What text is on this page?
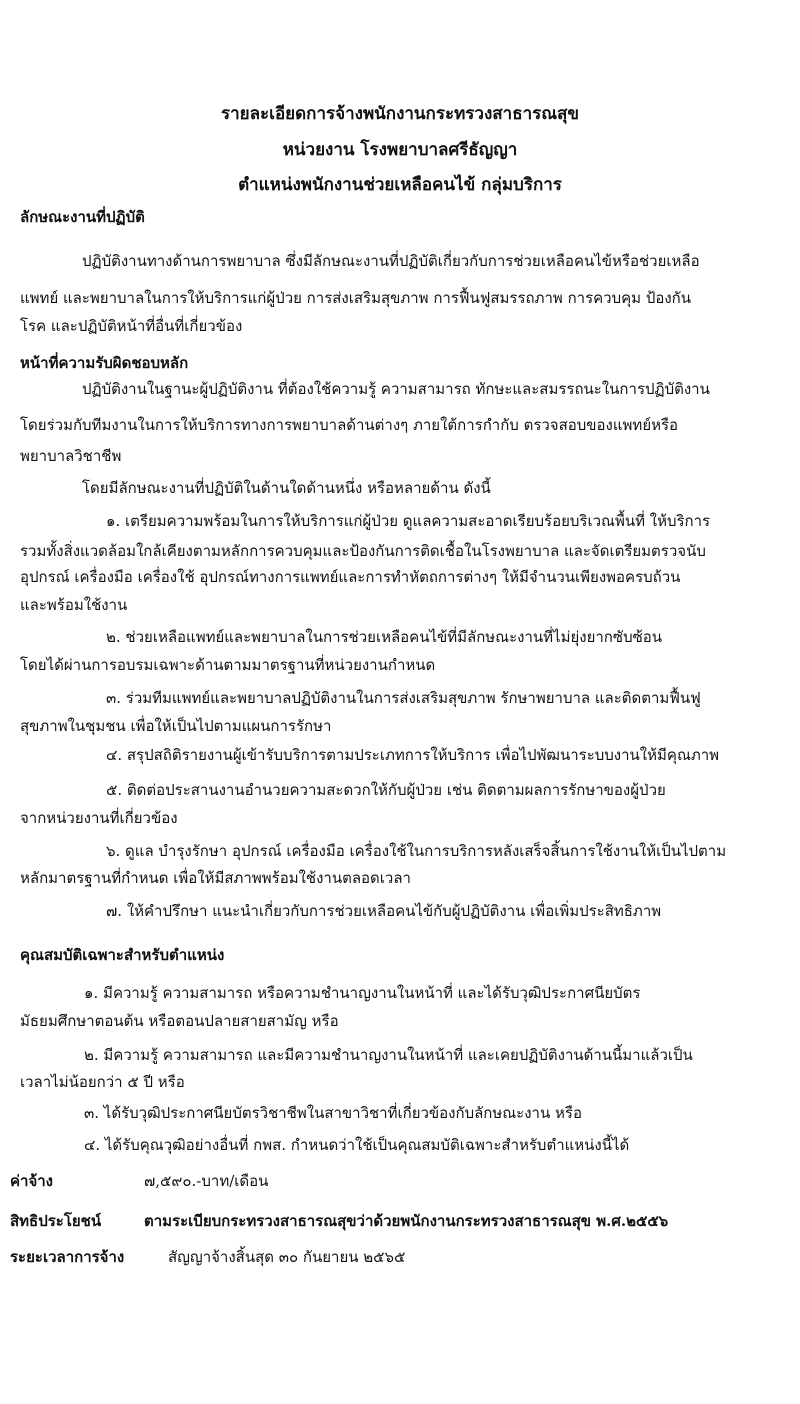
รายละเอียดการจ้างพนักงานกระทรวงสาธารณสุข
หน่วยงาน โรงพยาบาลศรีธัญญา
ตำแหน่งพนักงานช่วยเหลือคนไข้ กลุ่มบริการ
ลักษณะงานที่ปฏิบัติ
ปฏิบัติงานทางด้านการพยาบาล ซึ่งมีลักษณะงานที่ปฏิบัติเกี่ยวกับการช่วยเหลือคนไข้หรือช่วยเหลือ
แพทย์ และพยาบาลในการให้บริการแก่ผู้ป่วย การส่งเสริมสุขภาพ การฟื้นฟูสมรรถภาพ การควบคุม ป้องกัน
โรค และปฏิบัติหน้าที่อื่นที่เกี่ยวข้อง
หน้าที่ความรับผิดชอบหลัก
ปฏิบัติงานในฐานะผู้ปฏิบัติงาน ที่ต้องใช้ความรู้ ความสามารถ ทักษะและสมรรถนะในการปฏิบัติงาน
โดยร่วมกับทีมงานในการให้บริการทางการพยาบาลด้านต่างๆ ภายใต้การกำกับ ตรวจสอบของแพทย์หรือ
พยาบาลวิชาชีพ
โดยมีลักษณะงานที่ปฏิบัติในด้านใดด้านหนึ่ง หรือหลายด้าน ดังนี้
๑. เตรียมความพร้อมในการให้บริการแก่ผู้ป่วย ดูแลความสะอาดเรียบร้อยบริเวณพื้นที่ ให้บริการ
รวมทั้งสิ่งแวดล้อมใกล้เคียงตามหลักการควบคุมและป้องกันการติดเชื้อในโรงพยาบาล และจัดเตรียมตรวจนับ
อุปกรณ์ เครื่องมือ เครื่องใช้ อุปกรณ์ทางการแพทย์และการทำหัตถการต่างๆ ให้มีจำนวนเพียงพอครบถ้วน
และพร้อมใช้งาน
๒. ช่วยเหลือแพทย์และพยาบาลในการช่วยเหลือคนไข้ที่มีลักษณะงานที่ไม่ยุ่งยากซับซ้อน
โดยได้ผ่านการอบรมเฉพาะด้านตามมาตรฐานที่หน่วยงานกำหนด
๓. ร่วมทีมแพทย์และพยาบาลปฏิบัติงานในการส่งเสริมสุขภาพ รักษาพยาบาล และติดตามฟื้นฟู
สุขภาพในชุมชน เพื่อให้เป็นไปตามแผนการรักษา
๔. สรุปสถิติรายงานผู้เข้ารับบริการตามประเภทการให้บริการ เพื่อไปพัฒนาระบบงานให้มีคุณภาพ
๕. ติดต่อประสานงานอำนวยความสะดวกให้กับผู้ป่วย เช่น ติดตามผลการรักษาของผู้ป่วย
จากหน่วยงานที่เกี่ยวข้อง
๖. ดูแล บำรุงรักษา อุปกรณ์ เครื่องมือ เครื่องใช้ในการบริการหลังเสร็จสิ้นการใช้งานให้เป็นไปตาม
หลักมาตรฐานที่กำหนด เพื่อให้มีสภาพพร้อมใช้งานตลอดเวลา
๗. ให้คำปรึกษา แนะนำเกี่ยวกับการช่วยเหลือคนไข้กับผู้ปฏิบัติงาน เพื่อเพิ่มประสิทธิภาพ
คุณสมบัติเฉพาะสำหรับตำแหน่ง
๑. มีความรู้ ความสามารถ หรือความชำนาญงานในหน้าที่ และได้รับวุฒิประกาศนียบัตร
มัธยมศึกษาตอนต้น หรือตอนปลายสายสามัญ หรือ
๒. มีความรู้ ความสามารถ และมีความชำนาญงานในหน้าที่ และเคยปฏิบัติงานด้านนี้มาแล้วเป็น
เวลาไม่น้อยกว่า ๕ ปี หรือ
๓. ได้รับวุฒิประกาศนียบัตรวิชาชีพในสาขาวิชาที่เกี่ยวข้องกับลักษณะงาน หรือ
๔. ได้รับคุณวุฒิอย่างอื่นที่ กพส. กำหนดว่าใช้เป็นคุณสมบัติเฉพาะสำหรับตำแหน่งนี้ได้
ค่าจ้าง	๗,๕๙๐.-บาท/เดือน
สิทธิประโยชน์	ตามระเบียบกระทรวงสาธารณสุขว่าด้วยพนักงานกระทรวงสาธารณสุข พ.ศ.๒๕๕๖
ระยะเวลาการจ้าง	สัญญาจ้างสิ้นสุด ๓๐ กันยายน ๒๕๖๕
